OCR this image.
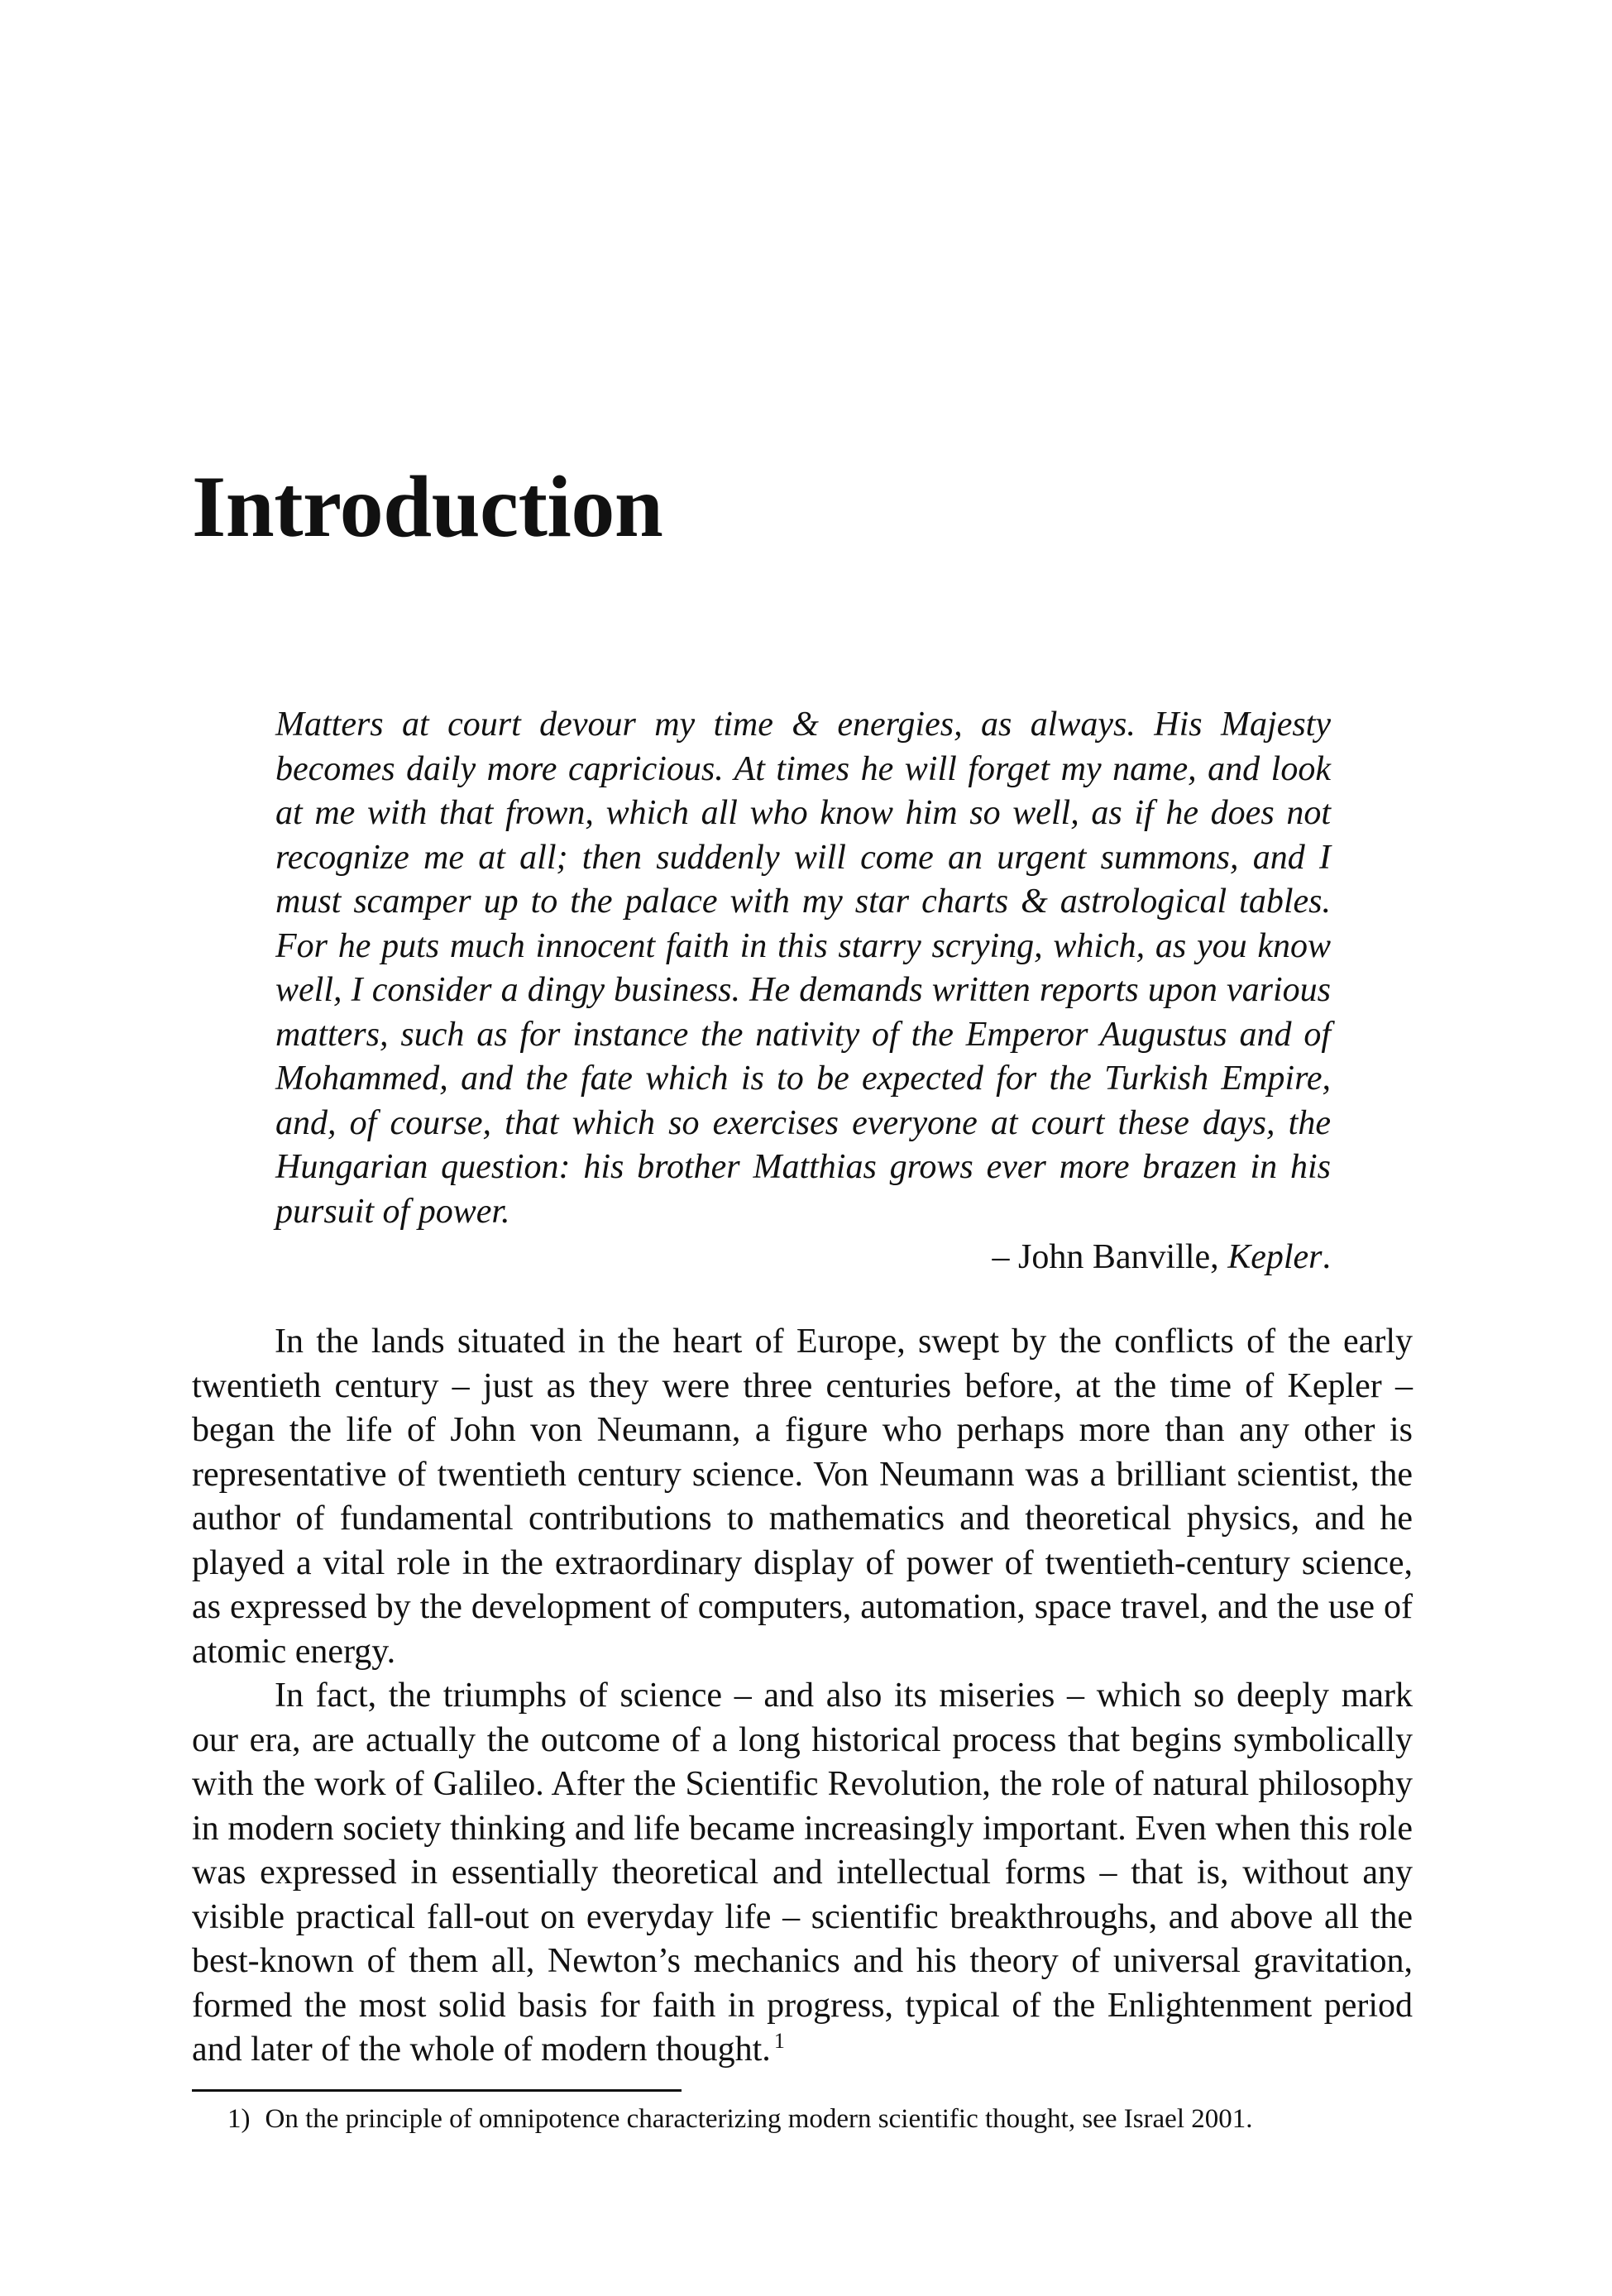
Introduction

Matters at court devour my time & energies, as always. His Majesty becomes daily more capricious. At times he will forget my name, and look at me with that frown, which all who know him so well, as if he does not recognize me at all; then suddenly will come an urgent summons, and I must scamper up to the palace with my star charts & astrological tables. For he puts much innocent faith in this starry scrying, which, as you know well, I consider a dingy business. He demands written reports upon various matters, such as for instance the nativity of the Emperor Augustus and of Mohammed, and the fate which is to be expected for the Turkish Empire, and, of course, that which so exercises everyone at court these days, the Hungarian question: his brother Matthias grows ever more brazen in his pursuit of power.

– John Banville, Kepler.

In the lands situated in the heart of Europe, swept by the conflicts of the early twentieth century – just as they were three centuries before, at the time of Kepler – began the life of John von Neumann, a figure who perhaps more than any other is representative of twentieth century science. Von Neumann was a brilliant scientist, the author of fundamental contributions to mathematics and theoretical physics, and he played a vital role in the extraordinary display of power of twentieth-century science, as expressed by the development of computers, automation, space travel, and the use of atomic energy.

In fact, the triumphs of science – and also its miseries – which so deeply mark our era, are actually the outcome of a long historical process that begins symbolically with the work of Galileo. After the Scientific Revolution, the role of natural philosophy in modern society thinking and life became increasingly important. Even when this role was expressed in essentially theoretical and intellectual forms – that is, without any visible practical fall-out on everyday life – scientific breakthroughs, and above all the best-known of them all, Newton’s mechanics and his theory of universal gravitation, formed the most solid basis for faith in progress, typical of the Enlightenment period and later of the whole of modern thought. $^1$

1) On the principle of omnipotence characterizing modern scientific thought, see Israel 2001.
